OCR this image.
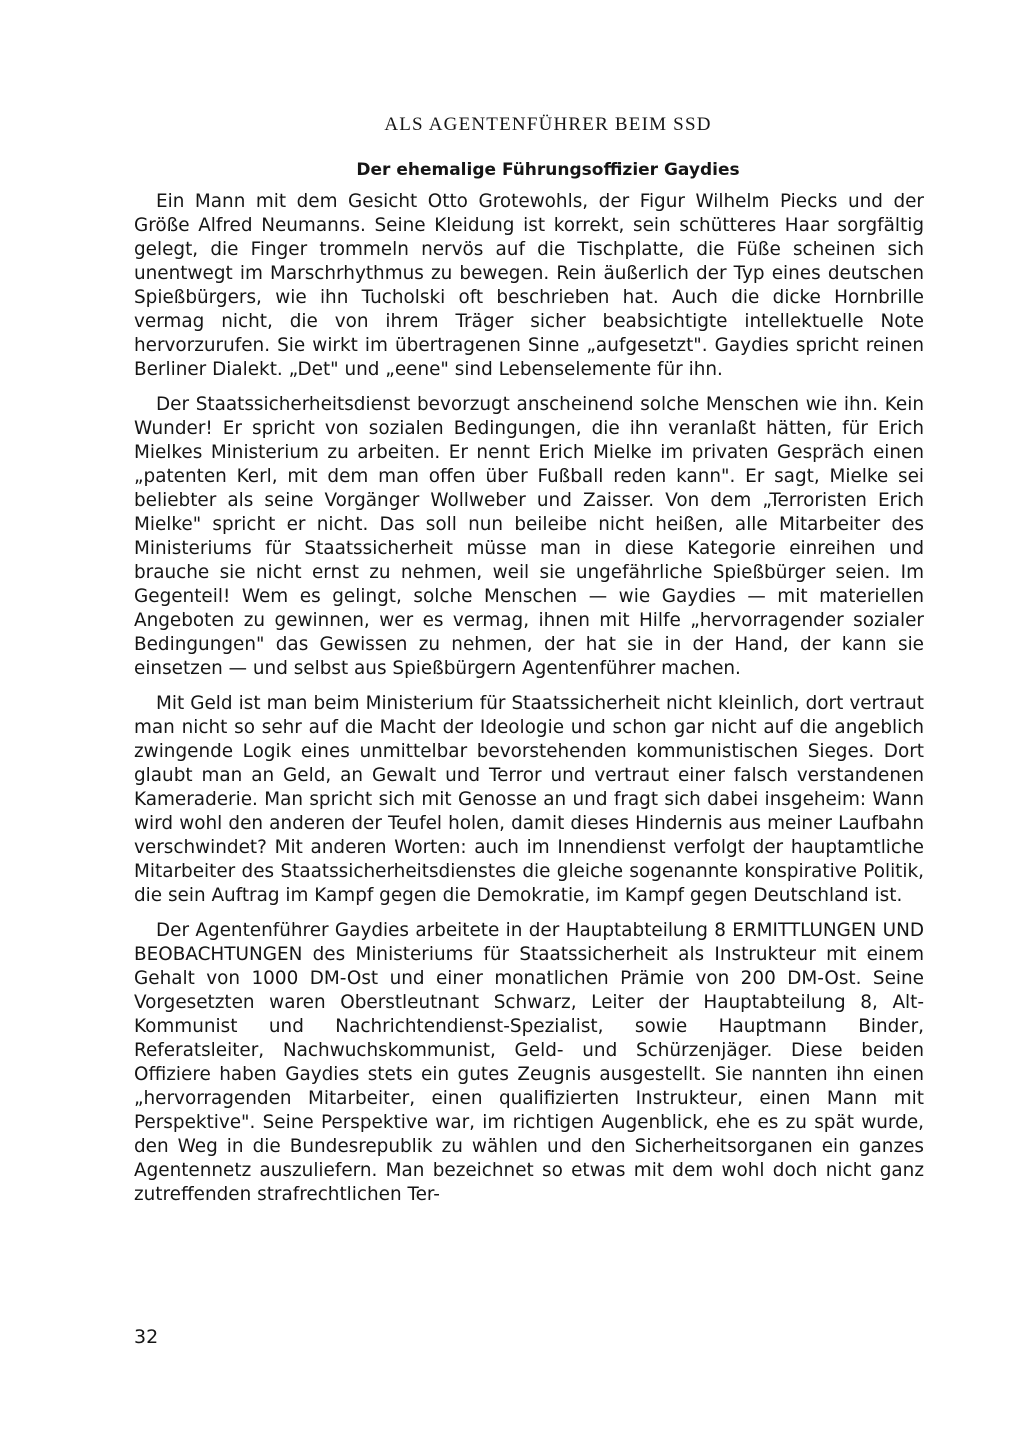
ALS AGENTENFÜHRER BEIM SSD
Der ehemalige Führungsoffizier Gaydies

Ein Mann mit dem Gesicht Otto Grotewohls, der Figur Wilhelm Piecks und der Größe Alfred Neumanns. Seine Kleidung ist korrekt, sein schütteres Haar sorgfältig gelegt, die Finger trommeln nervös auf die Tischplatte, die Füße scheinen sich unentwegt im Marschrhythmus zu bewegen. Rein äußerlich der Typ eines deutschen Spießbürgers, wie ihn Tucholski oft beschrieben hat. Auch die dicke Hornbrille vermag nicht, die von ihrem Träger sicher beabsichtigte intellektuelle Note hervorzurufen. Sie wirkt im übertragenen Sinne „aufgesetzt". Gaydies spricht reinen Berliner Dialekt. „Det" und „eene" sind Lebenselemente für ihn.

Der Staatssicherheitsdienst bevorzugt anscheinend solche Menschen wie ihn. Kein Wunder! Er spricht von sozialen Bedingungen, die ihn veranlaßt hätten, für Erich Mielkes Ministerium zu arbeiten. Er nennt Erich Mielke im privaten Gespräch einen „patenten Kerl, mit dem man offen über Fußball reden kann". Er sagt, Mielke sei beliebter als seine Vorgänger Wollweber und Zaisser. Von dem „Terroristen Erich Mielke" spricht er nicht. Das soll nun beileibe nicht heißen, alle Mitarbeiter des Ministeriums für Staatssicherheit müsse man in diese Kategorie einreihen und brauche sie nicht ernst zu nehmen, weil sie ungefährliche Spießbürger seien. Im Gegenteil! Wem es gelingt, solche Menschen — wie Gaydies — mit materiellen Angeboten zu gewinnen, wer es vermag, ihnen mit Hilfe „hervorragender sozialer Bedingungen" das Gewissen zu nehmen, der hat sie in der Hand, der kann sie einsetzen — und selbst aus Spießbürgern Agentenführer machen.

Mit Geld ist man beim Ministerium für Staatssicherheit nicht kleinlich, dort vertraut man nicht so sehr auf die Macht der Ideologie und schon gar nicht auf die angeblich zwingende Logik eines unmittelbar bevorstehenden kommunistischen Sieges. Dort glaubt man an Geld, an Gewalt und Terror und vertraut einer falsch verstandenen Kameraderie. Man spricht sich mit Genosse an und fragt sich dabei insgeheim: Wann wird wohl den anderen der Teufel holen, damit dieses Hindernis aus meiner Laufbahn verschwindet? Mit anderen Worten: auch im Innendienst verfolgt der hauptamtliche Mitarbeiter des Staatssicherheitsdienstes die gleiche sogenannte konspirative Politik, die sein Auftrag im Kampf gegen die Demokratie, im Kampf gegen Deutschland ist.

Der Agentenführer Gaydies arbeitete in der Hauptabteilung 8 ERMITTLUNGEN UND BEOBACHTUNGEN des Ministeriums für Staatssicherheit als Instrukteur mit einem Gehalt von 1000 DM-Ost und einer monatlichen Prämie von 200 DM-Ost. Seine Vorgesetzten waren Oberstleutnant Schwarz, Leiter der Hauptabteilung 8, Alt-Kommunist und Nachrichtendienst-Spezialist, sowie Hauptmann Binder, Referatsleiter, Nachwuchskommunist, Geld- und Schürzenjäger. Diese beiden Offiziere haben Gaydies stets ein gutes Zeugnis ausgestellt. Sie nannten ihn einen „hervorragenden Mitarbeiter, einen qualifizierten Instrukteur, einen Mann mit Perspektive". Seine Perspektive war, im richtigen Augenblick, ehe es zu spät wurde, den Weg in die Bundesrepublik zu wählen und den Sicherheitsorganen ein ganzes Agentennetz auszuliefern. Man bezeichnet so etwas mit dem wohl doch nicht ganz zutreffenden strafrechtlichen Ter-

32
